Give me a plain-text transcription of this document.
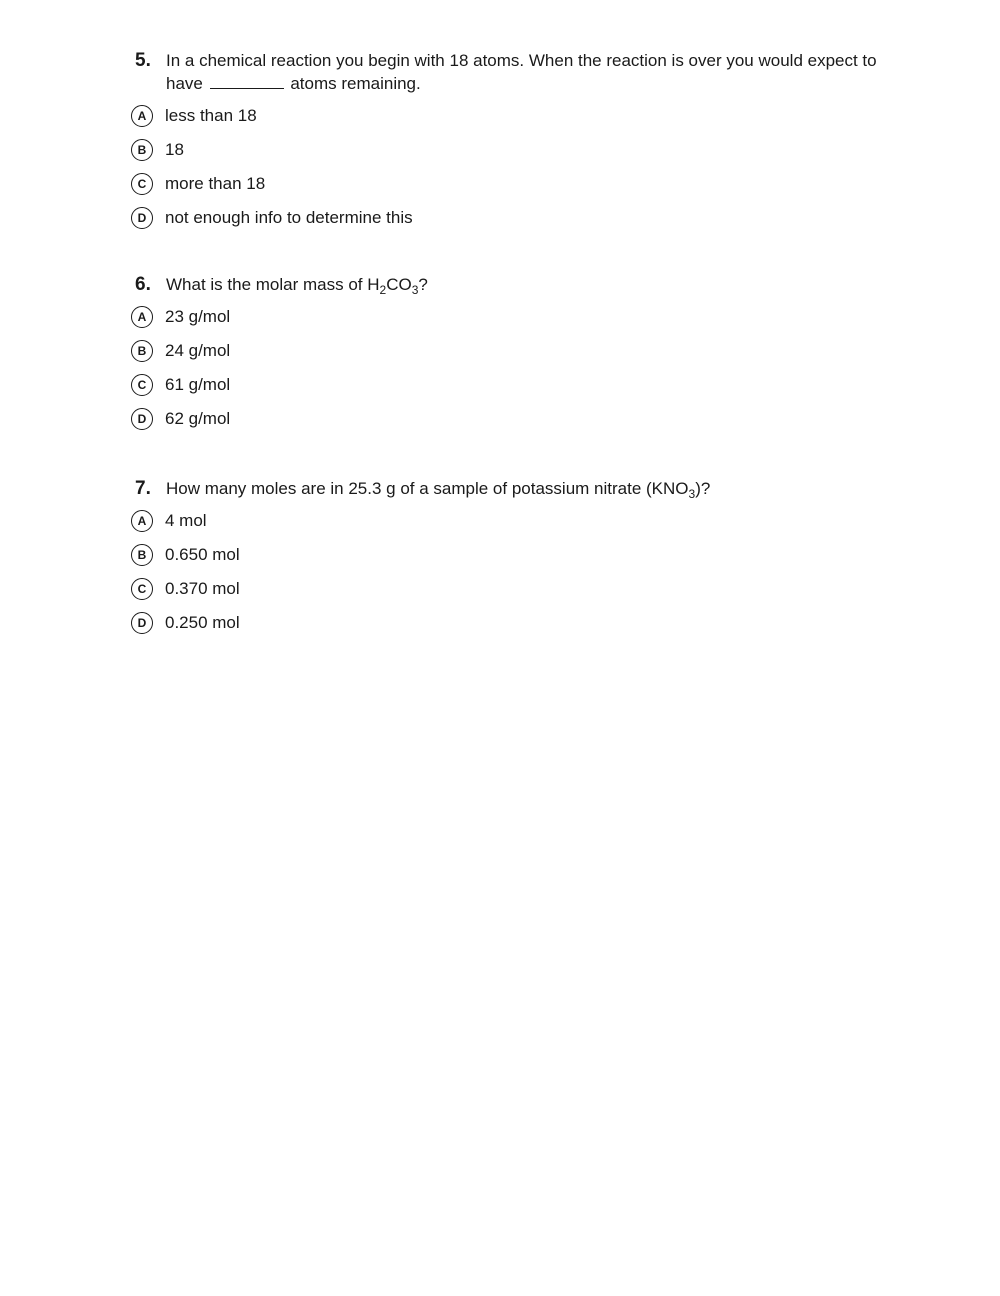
5. In a chemical reaction you begin with 18 atoms. When the reaction is over you would expect to have	atoms remaining.
A	less than 18
B	18
C	more than 18
D	not enough info to determine this
6. What is the molar mass of $H_2CO_3$?
A	23 g/mol
B	24 g/mol
C	61 g/mol
D	62 g/mol
7. How many moles are in 25.3 g of a sample of potassium nitrate $(KNO_3)$?
A	4 mol
B	0.650 mol
C	0.370 mol
D	0.250 mol
